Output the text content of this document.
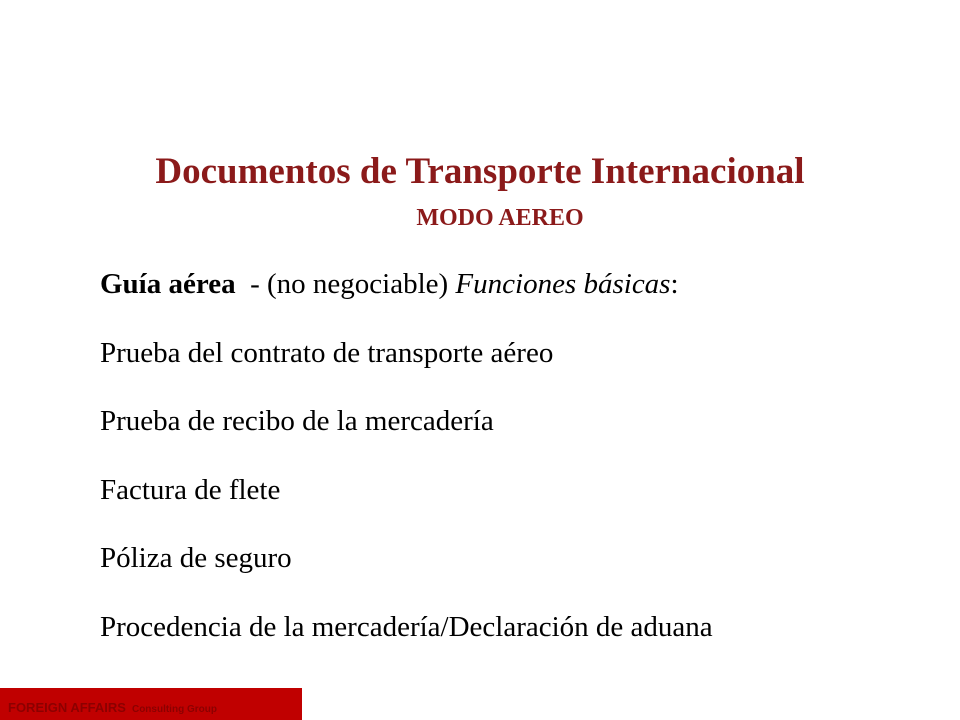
Documentos de Transporte Internacional
MODO AEREO
Guía aérea  - (no negociable) Funciones básicas:
Prueba del contrato de transporte aéreo
Prueba de recibo de la mercadería
Factura de flete
Póliza de seguro
Procedencia de la mercadería/Declaración de aduana
FOREIGN AFFAIRS Consulting Group
